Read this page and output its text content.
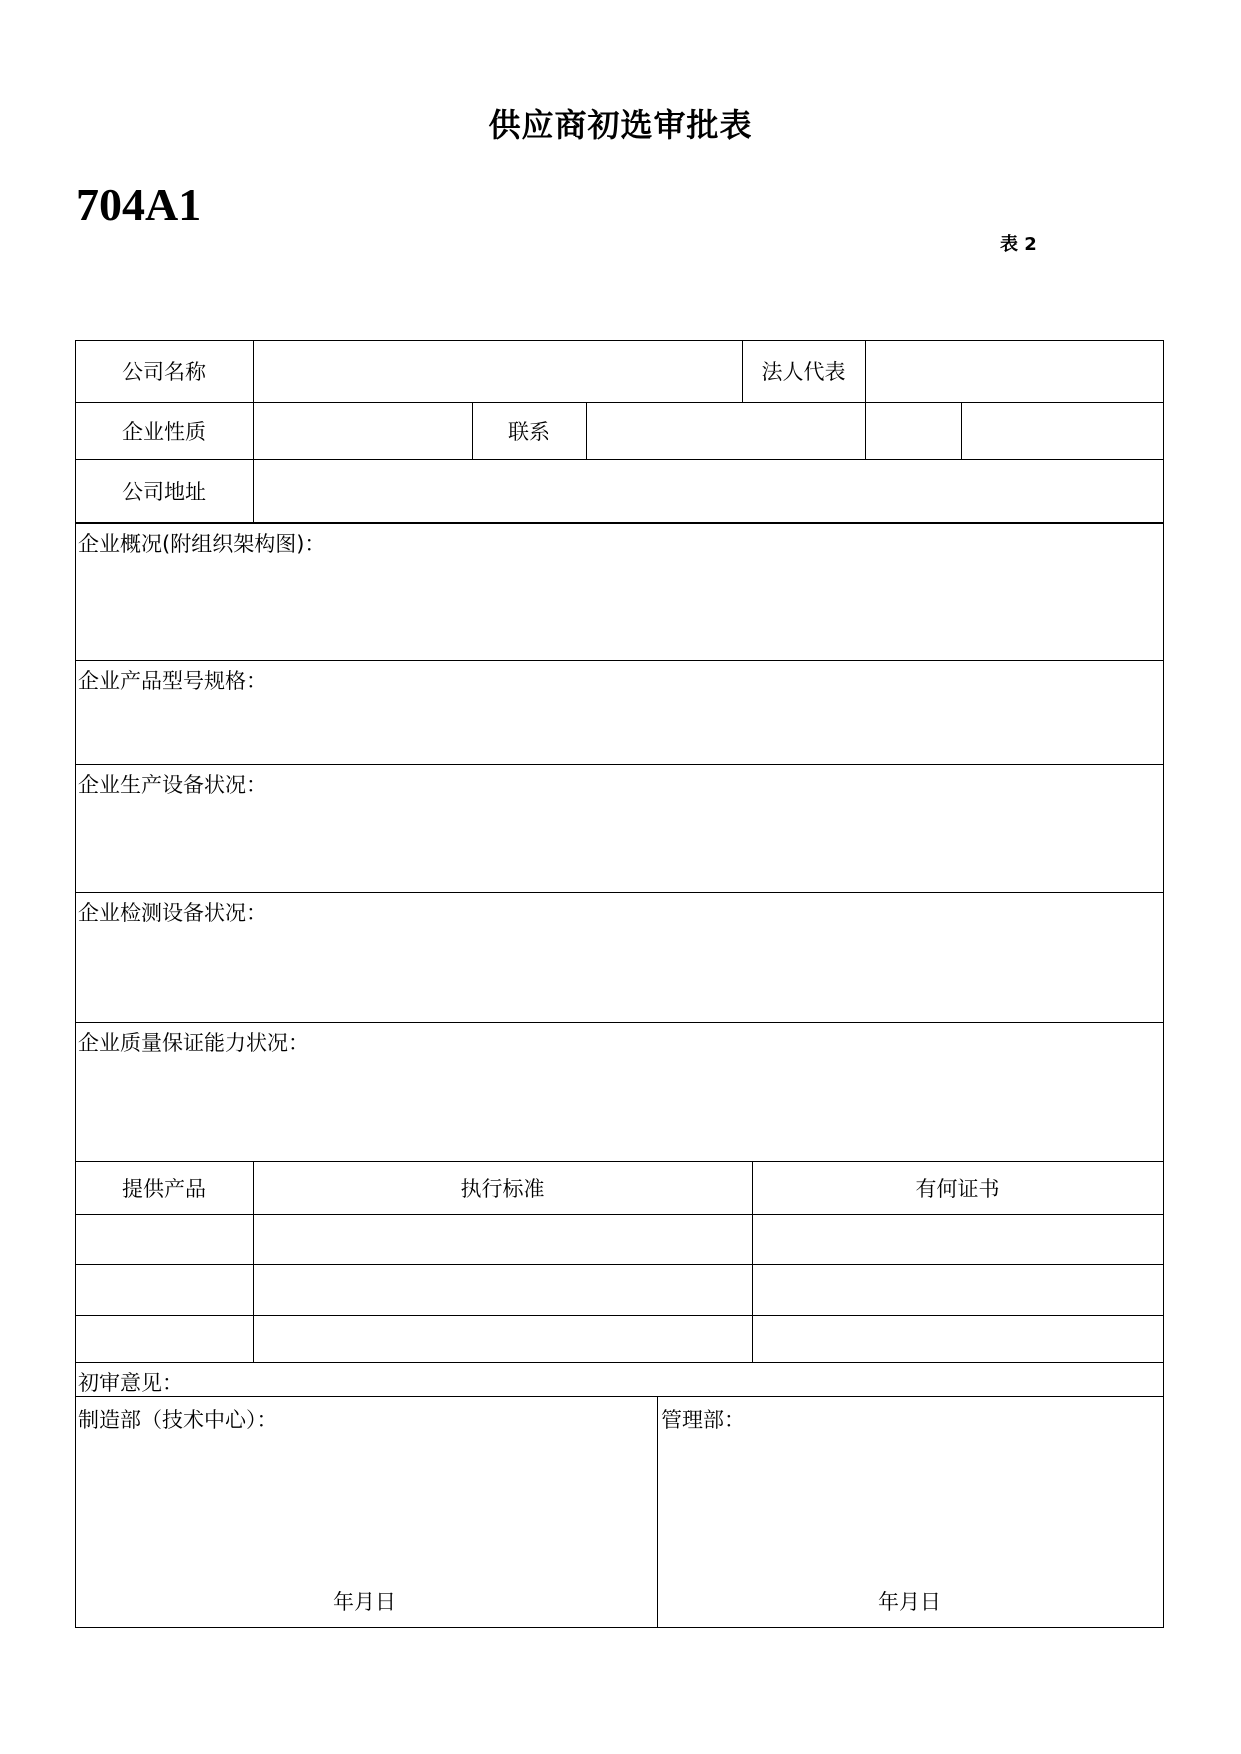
供应商初选审批表
704A1
表 2
公司名称	法人代表
企业性质	联系
公司地址
企业概况(附组织架构图)：
企业产品型号规格：
企业生产设备状况：
企业检测设备状况：
企业质量保证能力状况：
提供产品	执行标准	有何证书
初审意见：
制造部（技术中心）：
年月日
管理部：
年月日
